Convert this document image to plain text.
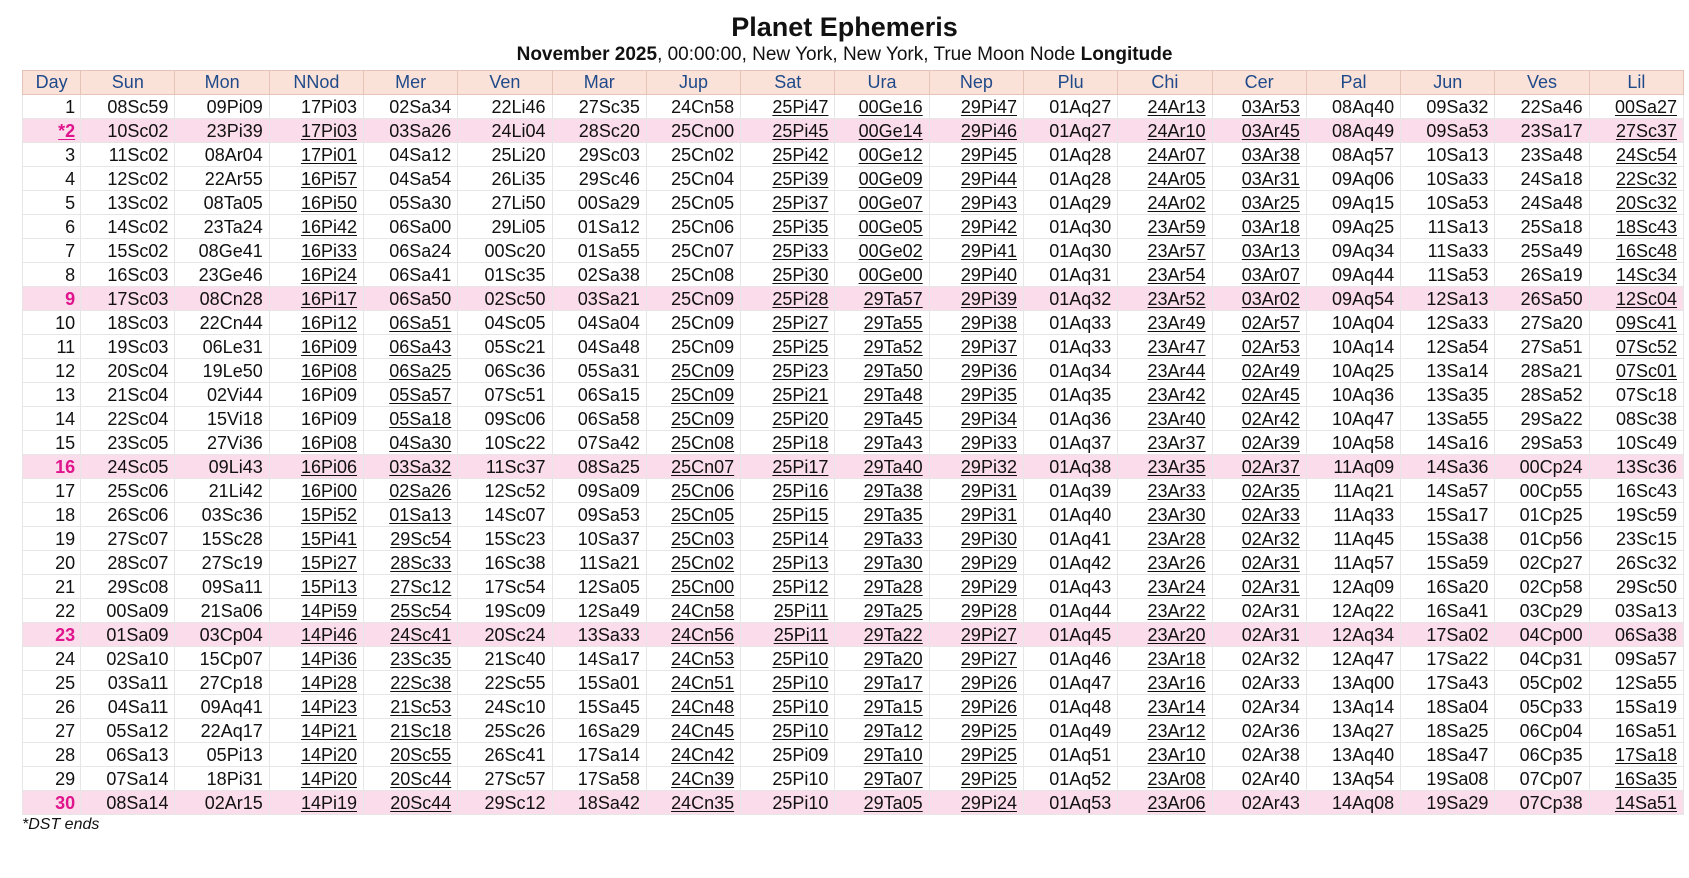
Planet Ephemeris
November 2025, 00:00:00, New York, New York, True Moon Node Longitude
Day	Sun	Mon	NNod	Mer	Ven	Mar	Jup	Sat	Ura	Nep	Plu	Chi	Cer	Pal	Jun	Ves	Lil
1	08Sc59	09Pi09	17Pi03	02Sa34	22Li46	27Sc35	24Cn58	25Pi47	00Ge16	29Pi47	01Aq27	24Ar13	03Ar53	08Aq40	09Sa32	22Sa46	00Sa27
*2	10Sc02	23Pi39	17Pi03	03Sa26	24Li04	28Sc20	25Cn00	25Pi45	00Ge14	29Pi46	01Aq27	24Ar10	03Ar45	08Aq49	09Sa53	23Sa17	27Sc37
3	11Sc02	08Ar04	17Pi01	04Sa12	25Li20	29Sc03	25Cn02	25Pi42	00Ge12	29Pi45	01Aq28	24Ar07	03Ar38	08Aq57	10Sa13	23Sa48	24Sc54
4	12Sc02	22Ar55	16Pi57	04Sa54	26Li35	29Sc46	25Cn04	25Pi39	00Ge09	29Pi44	01Aq28	24Ar05	03Ar31	09Aq06	10Sa33	24Sa18	22Sc32
5	13Sc02	08Ta05	16Pi50	05Sa30	27Li50	00Sa29	25Cn05	25Pi37	00Ge07	29Pi43	01Aq29	24Ar02	03Ar25	09Aq15	10Sa53	24Sa48	20Sc32
6	14Sc02	23Ta24	16Pi42	06Sa00	29Li05	01Sa12	25Cn06	25Pi35	00Ge05	29Pi42	01Aq30	23Ar59	03Ar18	09Aq25	11Sa13	25Sa18	18Sc43
7	15Sc02	08Ge41	16Pi33	06Sa24	00Sc20	01Sa55	25Cn07	25Pi33	00Ge02	29Pi41	01Aq30	23Ar57	03Ar13	09Aq34	11Sa33	25Sa49	16Sc48
8	16Sc03	23Ge46	16Pi24	06Sa41	01Sc35	02Sa38	25Cn08	25Pi30	00Ge00	29Pi40	01Aq31	23Ar54	03Ar07	09Aq44	11Sa53	26Sa19	14Sc34
9	17Sc03	08Cn28	16Pi17	06Sa50	02Sc50	03Sa21	25Cn09	25Pi28	29Ta57	29Pi39	01Aq32	23Ar52	03Ar02	09Aq54	12Sa13	26Sa50	12Sc04
10	18Sc03	22Cn44	16Pi12	06Sa51	04Sc05	04Sa04	25Cn09	25Pi27	29Ta55	29Pi38	01Aq33	23Ar49	02Ar57	10Aq04	12Sa33	27Sa20	09Sc41
11	19Sc03	06Le31	16Pi09	06Sa43	05Sc21	04Sa48	25Cn09	25Pi25	29Ta52	29Pi37	01Aq33	23Ar47	02Ar53	10Aq14	12Sa54	27Sa51	07Sc52
12	20Sc04	19Le50	16Pi08	06Sa25	06Sc36	05Sa31	25Cn09	25Pi23	29Ta50	29Pi36	01Aq34	23Ar44	02Ar49	10Aq25	13Sa14	28Sa21	07Sc01
13	21Sc04	02Vi44	16Pi09	05Sa57	07Sc51	06Sa15	25Cn09	25Pi21	29Ta48	29Pi35	01Aq35	23Ar42	02Ar45	10Aq36	13Sa35	28Sa52	07Sc18
14	22Sc04	15Vi18	16Pi09	05Sa18	09Sc06	06Sa58	25Cn09	25Pi20	29Ta45	29Pi34	01Aq36	23Ar40	02Ar42	10Aq47	13Sa55	29Sa22	08Sc38
15	23Sc05	27Vi36	16Pi08	04Sa30	10Sc22	07Sa42	25Cn08	25Pi18	29Ta43	29Pi33	01Aq37	23Ar37	02Ar39	10Aq58	14Sa16	29Sa53	10Sc49
16	24Sc05	09Li43	16Pi06	03Sa32	11Sc37	08Sa25	25Cn07	25Pi17	29Ta40	29Pi32	01Aq38	23Ar35	02Ar37	11Aq09	14Sa36	00Cp24	13Sc36
17	25Sc06	21Li42	16Pi00	02Sa26	12Sc52	09Sa09	25Cn06	25Pi16	29Ta38	29Pi31	01Aq39	23Ar33	02Ar35	11Aq21	14Sa57	00Cp55	16Sc43
18	26Sc06	03Sc36	15Pi52	01Sa13	14Sc07	09Sa53	25Cn05	25Pi15	29Ta35	29Pi31	01Aq40	23Ar30	02Ar33	11Aq33	15Sa17	01Cp25	19Sc59
19	27Sc07	15Sc28	15Pi41	29Sc54	15Sc23	10Sa37	25Cn03	25Pi14	29Ta33	29Pi30	01Aq41	23Ar28	02Ar32	11Aq45	15Sa38	01Cp56	23Sc15
20	28Sc07	27Sc19	15Pi27	28Sc33	16Sc38	11Sa21	25Cn02	25Pi13	29Ta30	29Pi29	01Aq42	23Ar26	02Ar31	11Aq57	15Sa59	02Cp27	26Sc32
21	29Sc08	09Sa11	15Pi13	27Sc12	17Sc54	12Sa05	25Cn00	25Pi12	29Ta28	29Pi29	01Aq43	23Ar24	02Ar31	12Aq09	16Sa20	02Cp58	29Sc50
22	00Sa09	21Sa06	14Pi59	25Sc54	19Sc09	12Sa49	24Cn58	25Pi11	29Ta25	29Pi28	01Aq44	23Ar22	02Ar31	12Aq22	16Sa41	03Cp29	03Sa13
23	01Sa09	03Cp04	14Pi46	24Sc41	20Sc24	13Sa33	24Cn56	25Pi11	29Ta22	29Pi27	01Aq45	23Ar20	02Ar31	12Aq34	17Sa02	04Cp00	06Sa38
24	02Sa10	15Cp07	14Pi36	23Sc35	21Sc40	14Sa17	24Cn53	25Pi10	29Ta20	29Pi27	01Aq46	23Ar18	02Ar32	12Aq47	17Sa22	04Cp31	09Sa57
25	03Sa11	27Cp18	14Pi28	22Sc38	22Sc55	15Sa01	24Cn51	25Pi10	29Ta17	29Pi26	01Aq47	23Ar16	02Ar33	13Aq00	17Sa43	05Cp02	12Sa55
26	04Sa11	09Aq41	14Pi23	21Sc53	24Sc10	15Sa45	24Cn48	25Pi10	29Ta15	29Pi26	01Aq48	23Ar14	02Ar34	13Aq14	18Sa04	05Cp33	15Sa19
27	05Sa12	22Aq17	14Pi21	21Sc18	25Sc26	16Sa29	24Cn45	25Pi10	29Ta12	29Pi25	01Aq49	23Ar12	02Ar36	13Aq27	18Sa25	06Cp04	16Sa51
28	06Sa13	05Pi13	14Pi20	20Sc55	26Sc41	17Sa14	24Cn42	25Pi09	29Ta10	29Pi25	01Aq51	23Ar10	02Ar38	13Aq40	18Sa47	06Cp35	17Sa18
29	07Sa14	18Pi31	14Pi20	20Sc44	27Sc57	17Sa58	24Cn39	25Pi10	29Ta07	29Pi25	01Aq52	23Ar08	02Ar40	13Aq54	19Sa08	07Cp07	16Sa35
30	08Sa14	02Ar15	14Pi19	20Sc44	29Sc12	18Sa42	24Cn35	25Pi10	29Ta05	29Pi24	01Aq53	23Ar06	02Ar43	14Aq08	19Sa29	07Cp38	14Sa51
*DST ends
